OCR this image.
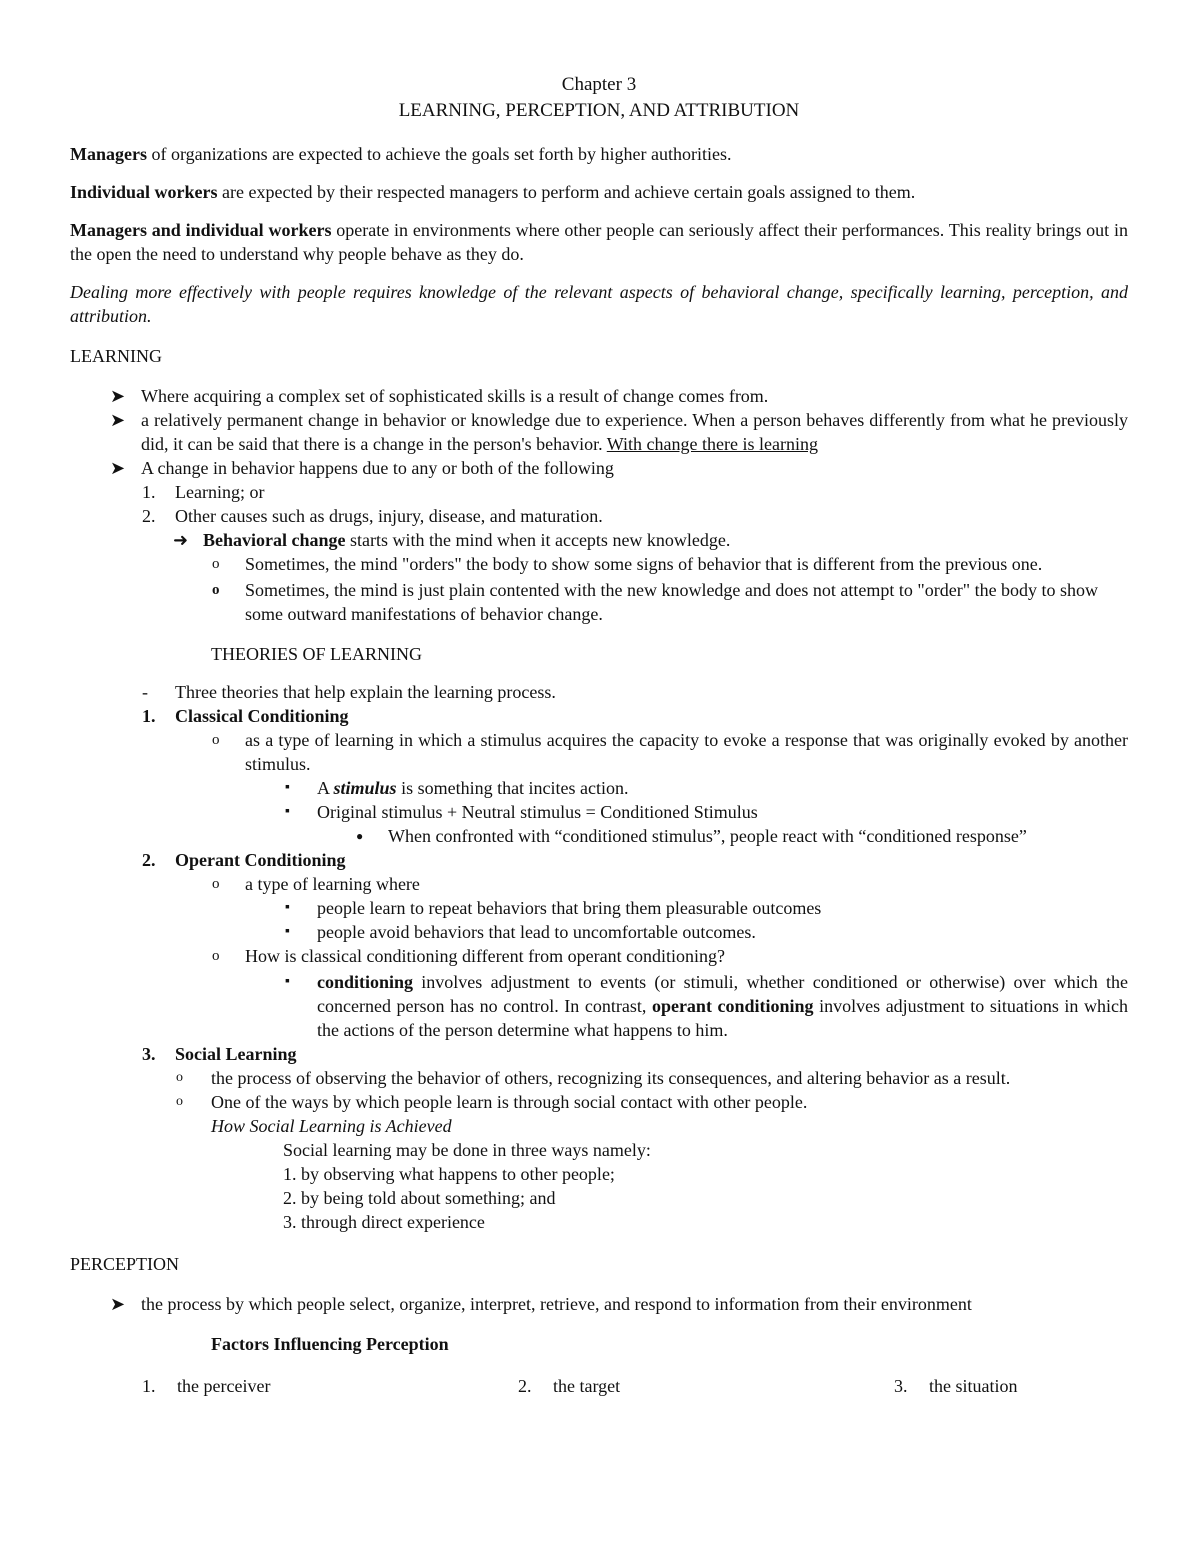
Chapter 3

LEARNING, PERCEPTION, AND ATTRIBUTION

Managers of organizations are expected to achieve the goals set forth by higher authorities.

Individual workers are expected by their respected managers to perform and achieve certain goals assigned to them.

Managers and individual workers operate in environments where other people can seriously affect their performances. This reality brings out in the open the need to understand why people behave as they do.

Dealing more effectively with people requires knowledge of the relevant aspects of behavioral change, specifically learning, perception, and attribution.

LEARNING

➤ Where acquiring a complex set of sophisticated skills is a result of change comes from.
➤ a relatively permanent change in behavior or knowledge due to experience. When a person behaves differently from what he previously did, it can be said that there is a change in the person's behavior. With change there is learning
➤ A change in behavior happens due to any or both of the following
1. Learning; or
2. Other causes such as drugs, injury, disease, and maturation.
➜ Behavioral change starts with the mind when it accepts new knowledge.
o Sometimes, the mind "orders" the body to show some signs of behavior that is different from the previous one.
o Sometimes, the mind is just plain contented with the new knowledge and does not attempt to "order" the body to show some outward manifestations of behavior change.

THEORIES OF LEARNING

- Three theories that help explain the learning process.
1. Classical Conditioning
o as a type of learning in which a stimulus acquires the capacity to evoke a response that was originally evoked by another stimulus.
▪ A stimulus is something that incites action.
▪ Original stimulus + Neutral stimulus = Conditioned Stimulus
● When confronted with “conditioned stimulus”, people react with “conditioned response”
2. Operant Conditioning
o a type of learning where
▪ people learn to repeat behaviors that bring them pleasurable outcomes
▪ people avoid behaviors that lead to uncomfortable outcomes.
o How is classical conditioning different from operant conditioning?
▪ conditioning involves adjustment to events (or stimuli, whether conditioned or otherwise) over which the concerned person has no control. In contrast, operant conditioning involves adjustment to situations in which the actions of the person determine what happens to him.
3. Social Learning
o the process of observing the behavior of others, recognizing its consequences, and altering behavior as a result.
o One of the ways by which people learn is through social contact with other people.

How Social Learning is Achieved

Social learning may be done in three ways namely:

1. by observing what happens to other people;

2. by being told about something; and

3. through direct experience

PERCEPTION

➤ the process by which people select, organize, interpret, retrieve, and respond to information from their environment

Factors Influencing Perception

1. the perceiver	2. the target	3. the situation
